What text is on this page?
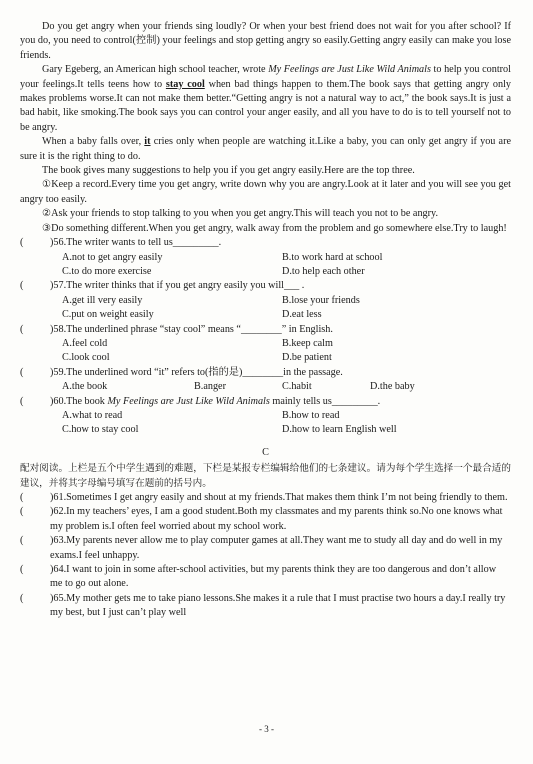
Do you get angry when your friends sing loudly? Or when your best friend does not wait for you after school? If you do, you need to control(控制) your feelings and stop getting angry so easily.Getting angry easily can make you lose friends.

Gary Egeberg, an American high school teacher, wrote My Feelings are Just Like Wild Animals to help you control your feelings.It tells teens how to stay cool when bad things happen to them.The book says that getting angry only makes problems worse.It can not make them better.“Getting angry is not a natural way to act,” the book says.It is just a bad habit, like smoking.The book says you can control your anger easily, and all you have to do is to tell yourself not to be angry.

When a baby falls over, it cries only when people are watching it.Like a baby, you can only get angry if you are sure it is the right thing to do.

The book gives many suggestions to help you if you get angry easily.Here are the top three.

①Keep a record.Every time you get angry, write down why you are angry.Look at it later and you will see you get angry too easily.

②Ask your friends to stop talking to you when you get angry.This will teach you not to be angry.

③Do something different.When you get angry, walk away from the problem and go somewhere else.Try to laugh!

(	)56.The writer wants to tell us_________.
A.not to get angry easily	B.to work hard at school
C.to do more exercise	D.to help each other
(	)57.The writer thinks that if you get angry easily you will___ .
A.get ill very easily	B.lose your friends
C.put on weight easily	D.eat less
(	)58.The underlined phrase “stay cool” means “________” in English.
A.feel cold	B.keep calm
C.look cool	D.be patient
(	)59.The underlined word “it” refers to(指的是)________in the passage.
A.the book	B.anger	C.habit	D.the baby
(	)60.The book My Feelings are Just Like Wild Animals mainly tells us_________.
A.what to read	B.how to read
C.how to stay cool	D.how to learn English well
C

配对阅读。上栏是五个中学生遇到的难题，下栏是某报专栏编辑给他们的七条建议。请为每个学生选择一个最合适的建议，并将其字母编号填写在题前的括号内。

(	)61.Sometimes I get angry easily and shout at my friends.That makes them think I’m not being friendly to them.
(	)62.In my teachers’ eyes, I am a good student.Both my classmates and my parents think so.No one knows what my problem is.I often feel worried about my school work.
(	)63.My parents never allow me to play computer games at all.They want me to study all day and do well in my exams.I feel unhappy.
(	)64.I want to join in some after-school activities, but my parents think they are too dangerous and don’t allow me to go out alone.
(	)65.My mother gets me to take piano lessons.She makes it a rule that I must practise two hours a day.I really try my best, but I just can’t play well
- 3 -
